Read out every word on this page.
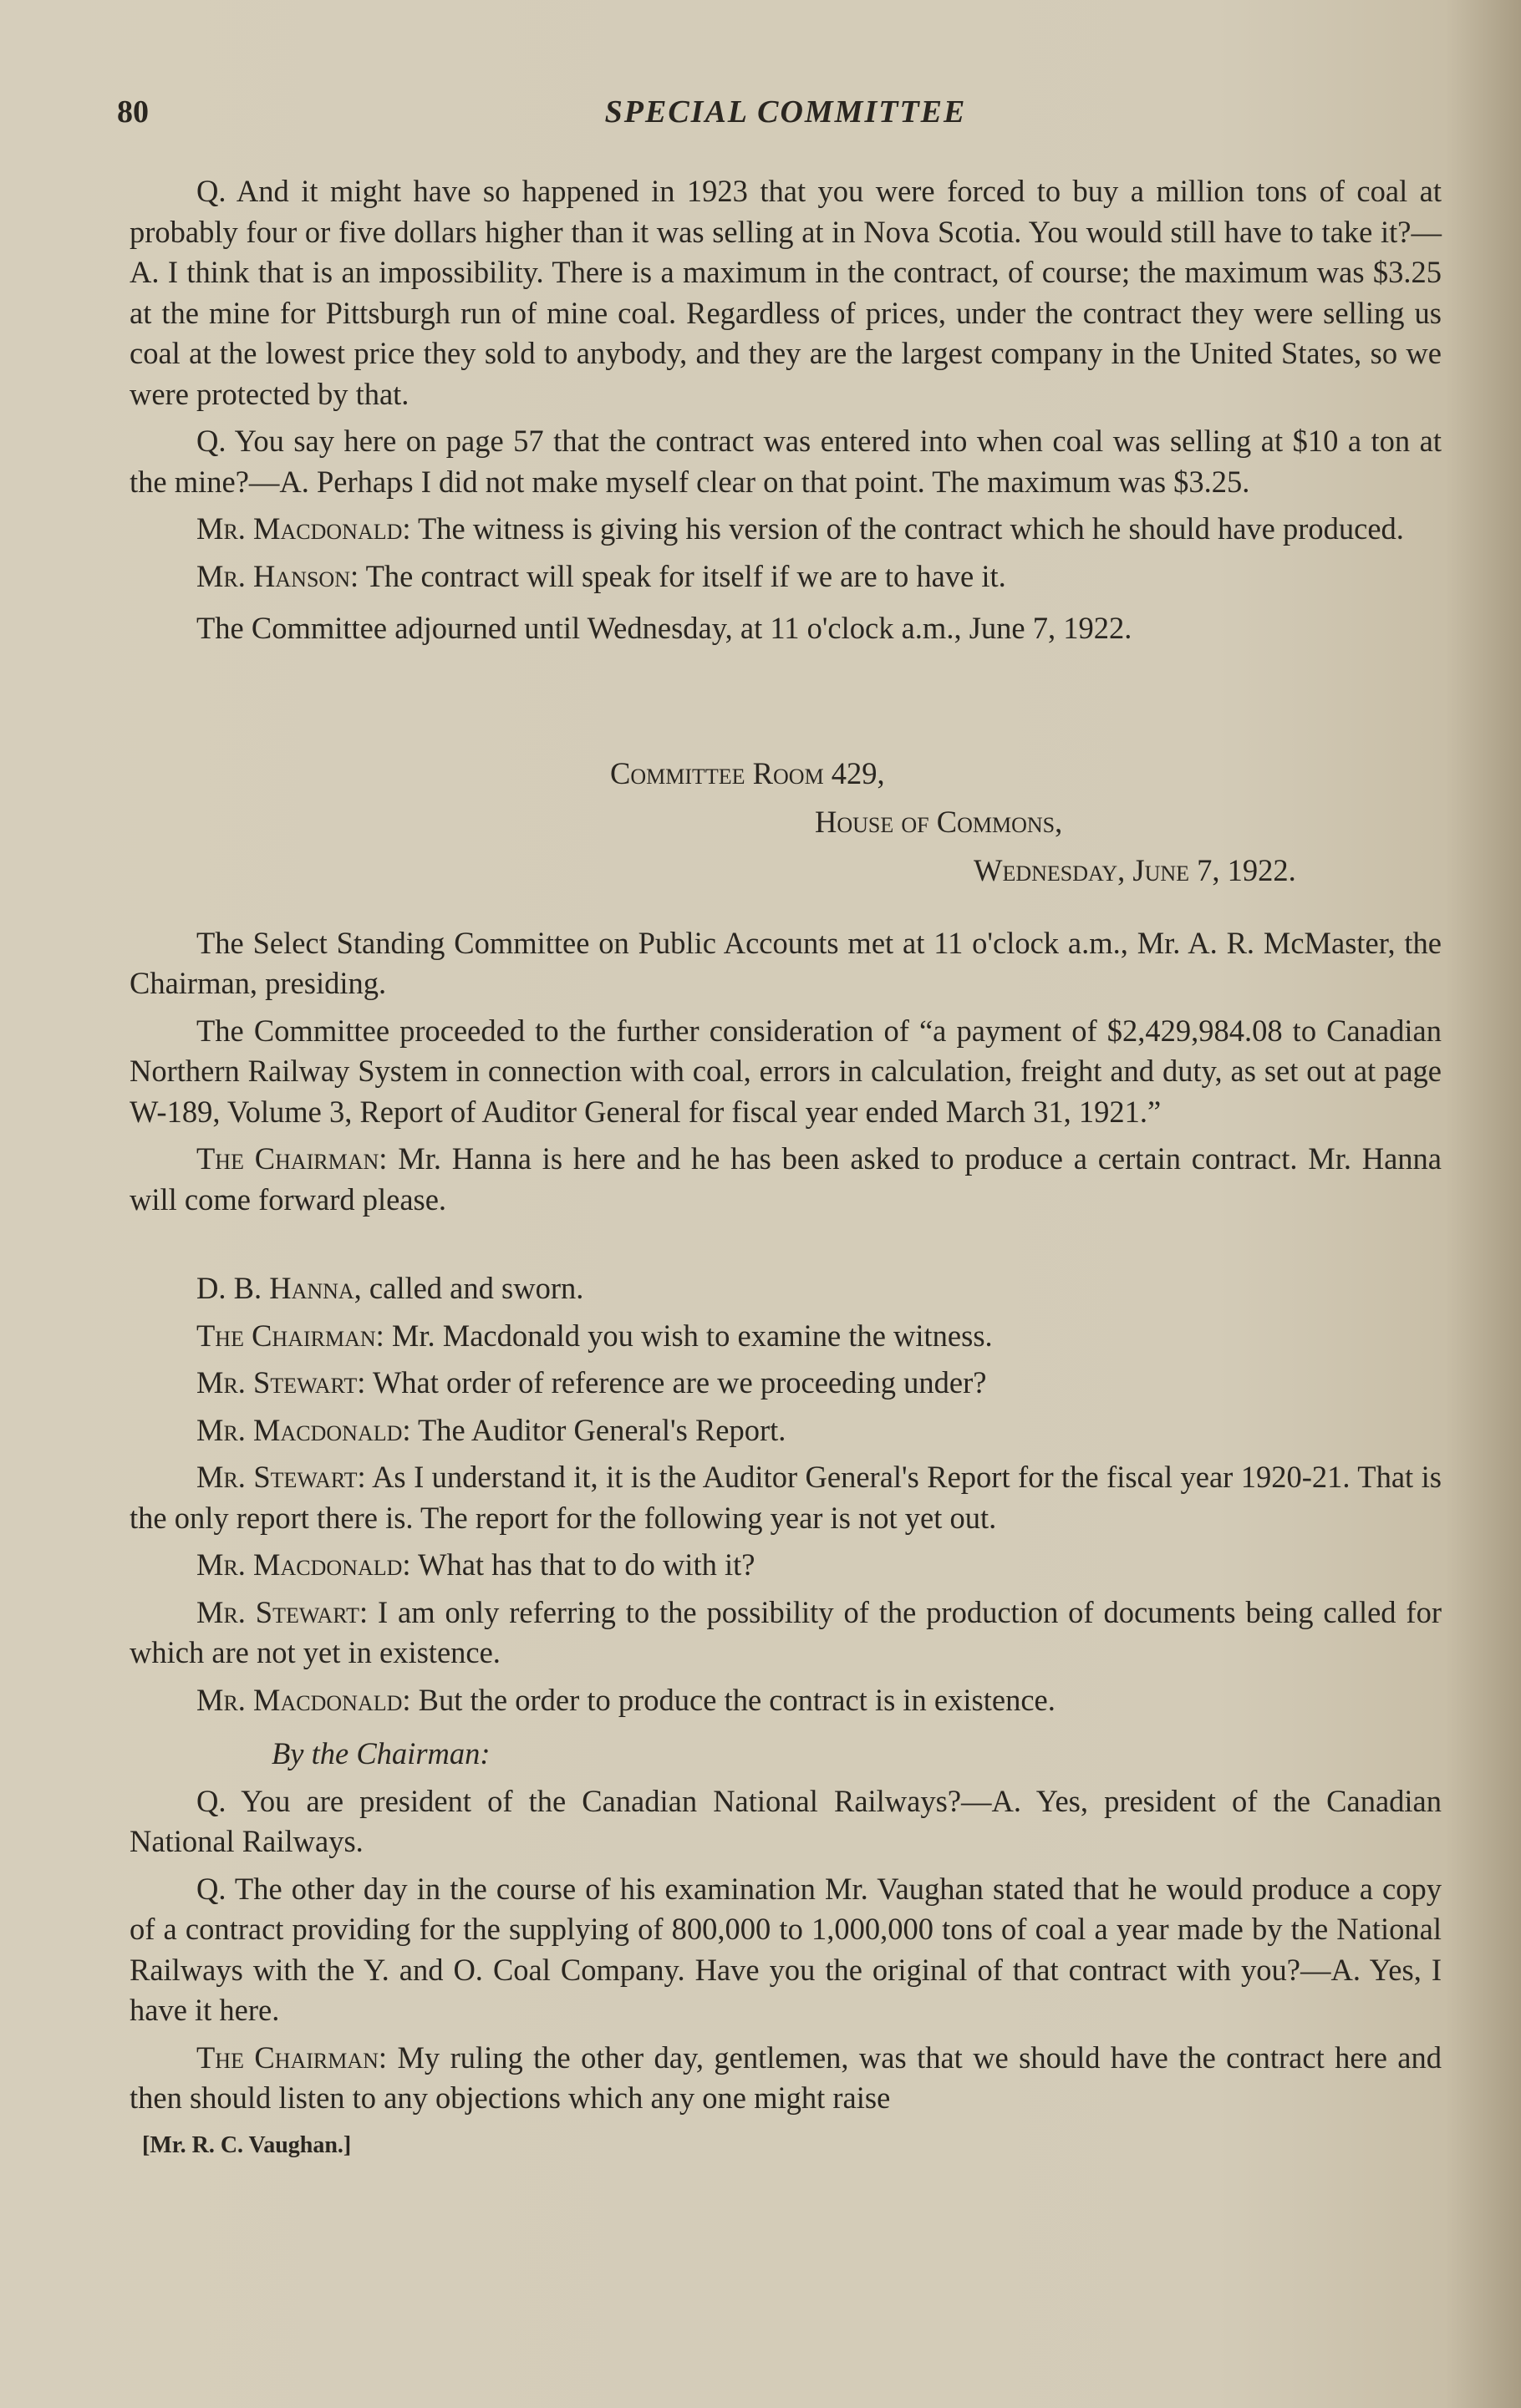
80	SPECIAL COMMITTEE

Q. And it might have so happened in 1923 that you were forced to buy a million tons of coal at probably four or five dollars higher than it was selling at in Nova Scotia. You would still have to take it?—A. I think that is an impossibility. There is a maximum in the contract, of course; the maximum was $3.25 at the mine for Pittsburgh run of mine coal. Regardless of prices, under the contract they were selling us coal at the lowest price they sold to anybody, and they are the largest company in the United States, so we were protected by that.

Q. You say here on page 57 that the contract was entered into when coal was selling at $10 a ton at the mine?—A. Perhaps I did not make myself clear on that point. The maximum was $3.25.

Mr. Macdonald: The witness is giving his version of the contract which he should have produced.

Mr. Hanson: The contract will speak for itself if we are to have it.

The Committee adjourned until Wednesday, at 11 o'clock a.m., June 7, 1922.

Committee Room 429,

House of Commons,

Wednesday, June 7, 1922.

The Select Standing Committee on Public Accounts met at 11 o'clock a.m., Mr. A. R. McMaster, the Chairman, presiding.

The Committee proceeded to the further consideration of “a payment of $2,429,984.08 to Canadian Northern Railway System in connection with coal, errors in calculation, freight and duty, as set out at page W-189, Volume 3, Report of Auditor General for fiscal year ended March 31, 1921.”

The Chairman: Mr. Hanna is here and he has been asked to produce a certain contract. Mr. Hanna will come forward please.

D. B. Hanna, called and sworn.

The Chairman: Mr. Macdonald you wish to examine the witness.

Mr. Stewart: What order of reference are we proceeding under?

Mr. Macdonald: The Auditor General's Report.

Mr. Stewart: As I understand it, it is the Auditor General's Report for the fiscal year 1920-21. That is the only report there is. The report for the following year is not yet out.

Mr. Macdonald: What has that to do with it?

Mr. Stewart: I am only referring to the possibility of the production of documents being called for which are not yet in existence.

Mr. Macdonald: But the order to produce the contract is in existence.

By the Chairman:

Q. You are president of the Canadian National Railways?—A. Yes, president of the Canadian National Railways.

Q. The other day in the course of his examination Mr. Vaughan stated that he would produce a copy of a contract providing for the supplying of 800,000 to 1,000,000 tons of coal a year made by the National Railways with the Y. and O. Coal Company. Have you the original of that contract with you?—A. Yes, I have it here.

The Chairman: My ruling the other day, gentlemen, was that we should have the contract here and then should listen to any objections which any one might raise

[Mr. R. C. Vaughan.]
